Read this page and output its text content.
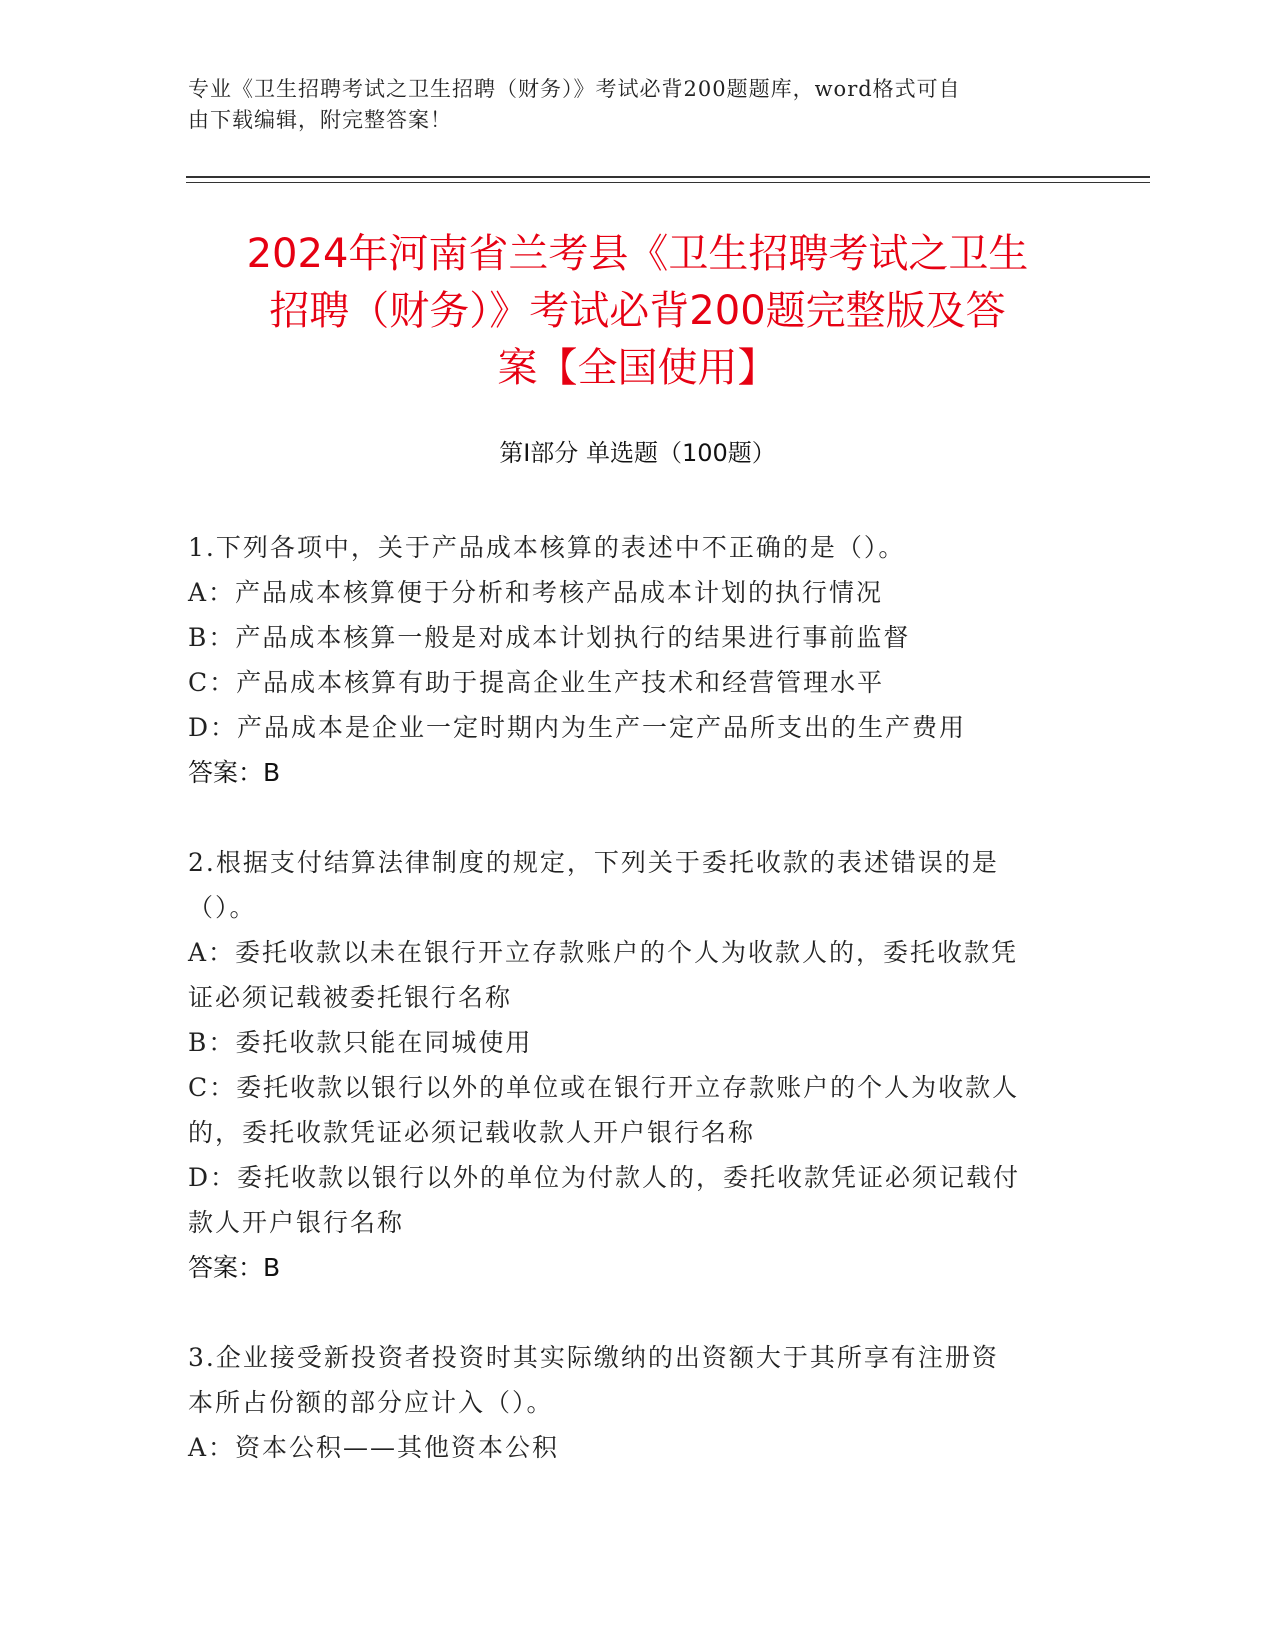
专业《卫生招聘考试之卫生招聘（财务）》考试必背200题题库，word格式可自
由下载编辑，附完整答案！
2024年河南省兰考县《卫生招聘考试之卫生
招聘（财务）》考试必背200题完整版及答
案【全国使用】
第I部分 单选题（100题）
1.下列各项中，关于产品成本核算的表述中不正确的是（）。
A：产品成本核算便于分析和考核产品成本计划的执行情况
B：产品成本核算一般是对成本计划执行的结果进行事前监督
C：产品成本核算有助于提高企业生产技术和经营管理水平
D：产品成本是企业一定时期内为生产一定产品所支出的生产费用
答案：B
2.根据支付结算法律制度的规定，下列关于委托收款的表述错误的是
（）。
A：委托收款以未在银行开立存款账户的个人为收款人的，委托收款凭
证必须记载被委托银行名称
B：委托收款只能在同城使用
C：委托收款以银行以外的单位或在银行开立存款账户的个人为收款人
的，委托收款凭证必须记载收款人开户银行名称
D：委托收款以银行以外的单位为付款人的，委托收款凭证必须记载付
款人开户银行名称
答案：B
3.企业接受新投资者投资时其实际缴纳的出资额大于其所享有注册资
本所占份额的部分应计入（）。
A：资本公积——其他资本公积
